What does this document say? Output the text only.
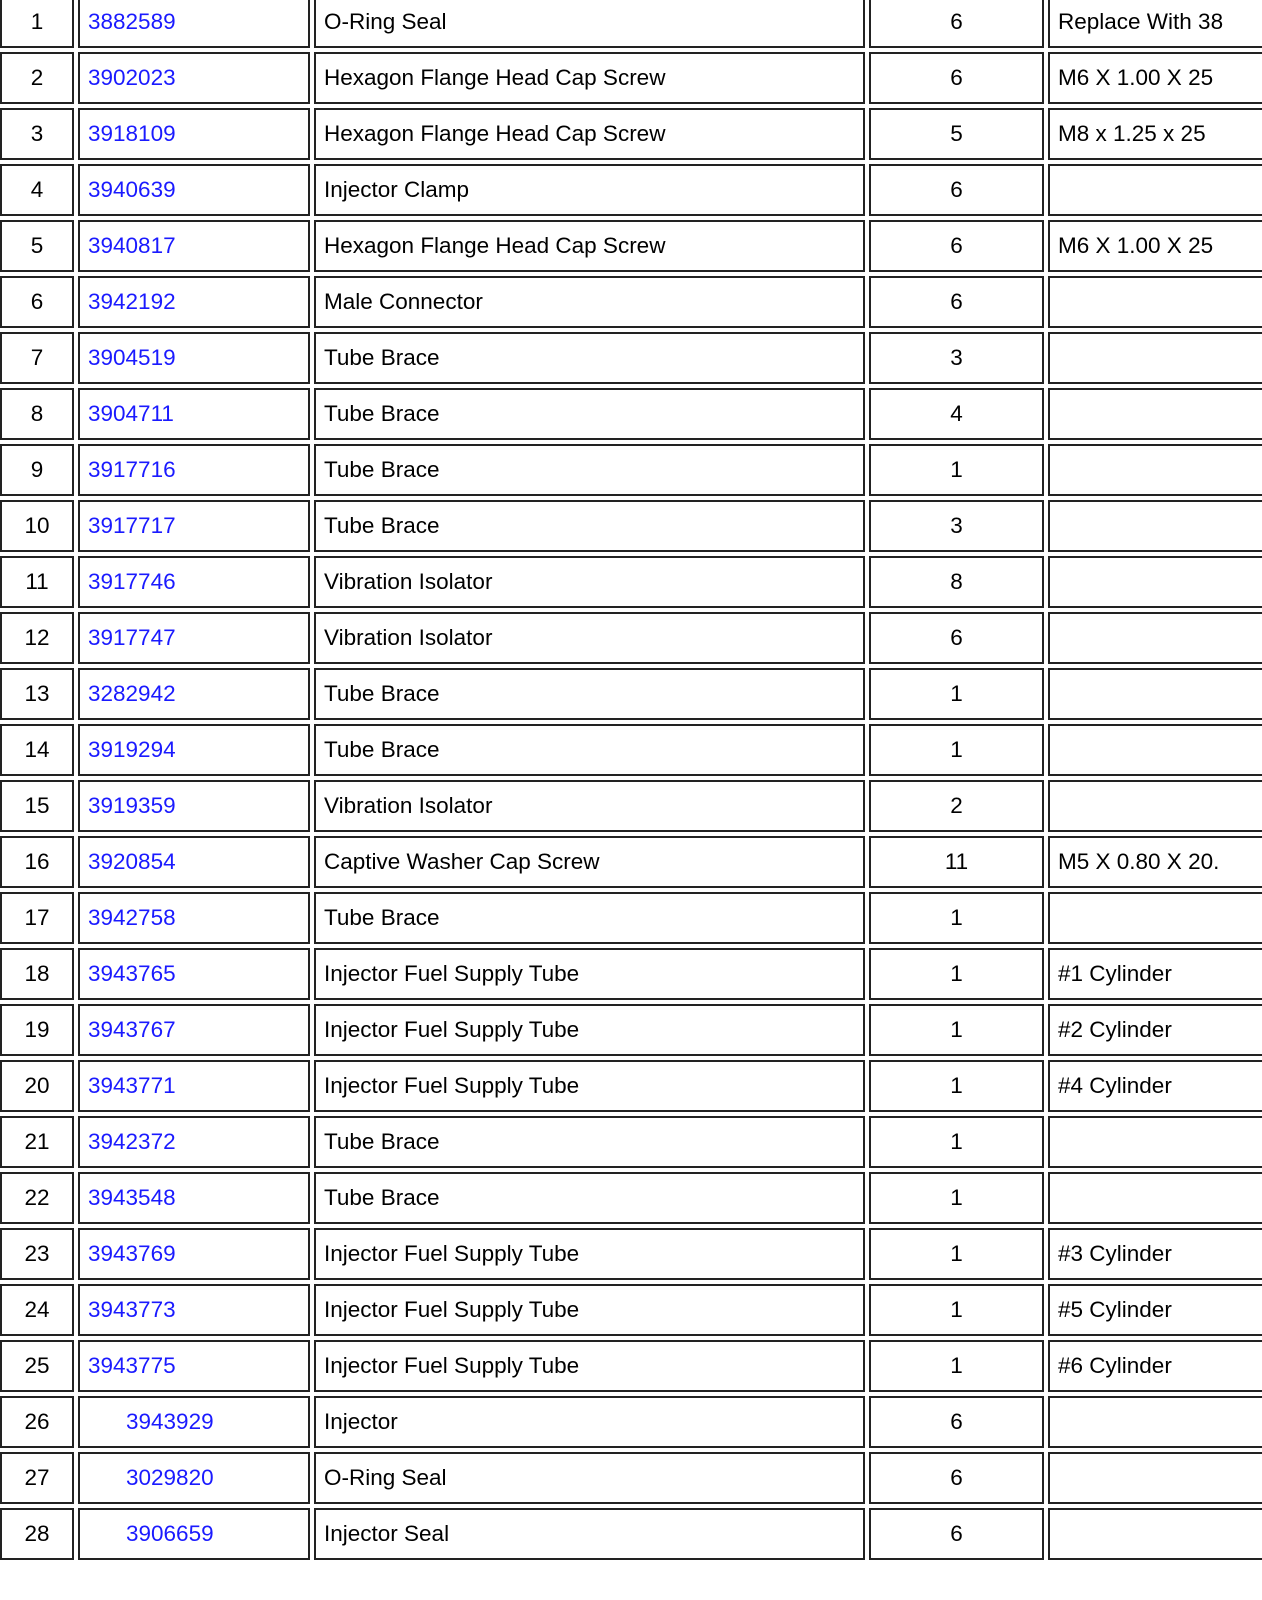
1	3882589	O-Ring Seal	6	Replace With 38
2	3902023	Hexagon Flange Head Cap Screw	6	M6 X 1.00 X 25
3	3918109	Hexagon Flange Head Cap Screw	5	M8 x 1.25 x 25
4	3940639	Injector Clamp	6	
5	3940817	Hexagon Flange Head Cap Screw	6	M6 X 1.00 X 25
6	3942192	Male Connector	6	
7	3904519	Tube Brace	3	
8	3904711	Tube Brace	4	
9	3917716	Tube Brace	1	
10	3917717	Tube Brace	3	
11	3917746	Vibration Isolator	8	
12	3917747	Vibration Isolator	6	
13	3282942	Tube Brace	1	
14	3919294	Tube Brace	1	
15	3919359	Vibration Isolator	2	
16	3920854	Captive Washer Cap Screw	11	M5 X 0.80 X 20.
17	3942758	Tube Brace	1	
18	3943765	Injector Fuel Supply Tube	1	#1 Cylinder
19	3943767	Injector Fuel Supply Tube	1	#2 Cylinder
20	3943771	Injector Fuel Supply Tube	1	#4 Cylinder
21	3942372	Tube Brace	1	
22	3943548	Tube Brace	1	
23	3943769	Injector Fuel Supply Tube	1	#3 Cylinder
24	3943773	Injector Fuel Supply Tube	1	#5 Cylinder
25	3943775	Injector Fuel Supply Tube	1	#6 Cylinder
26	3943929	Injector	6	
27	3029820	O-Ring Seal	6	
28	3906659	Injector Seal	6	
